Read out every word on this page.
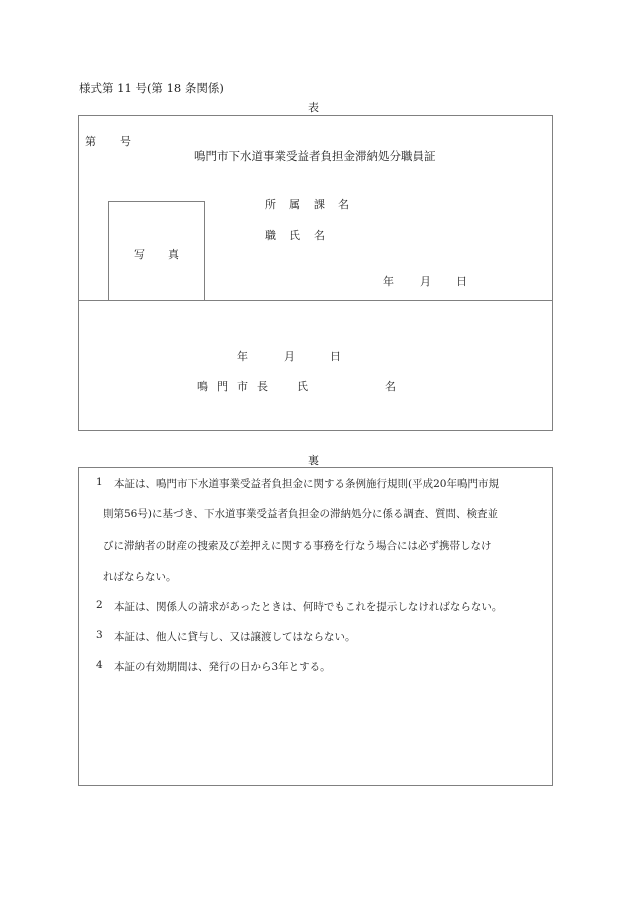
様式第 11 号(第 18 条関係)
表
第 号
鳴門市下水道事業受益者負担金滞納処分職員証
写 真
所 属 課 名
職 氏 名
年 月 日
年	月	日
鳴 門 市 長	氏	名
裏
1 本証は、鳴門市下水道事業受益者負担金に関する条例施行規則(平成20年鳴門市規
則第56号)に基づき、下水道事業受益者負担金の滞納処分に係る調査、質問、検査並
びに滞納者の財産の捜索及び差押えに関する事務を行なう場合には必ず携帯しなけ
ればならない。
2 本証は、関係人の請求があったときは、何時でもこれを提示しなければならない。
3 本証は、他人に貸与し、又は譲渡してはならない。
4 本証の有効期間は、発行の日から3年とする。
